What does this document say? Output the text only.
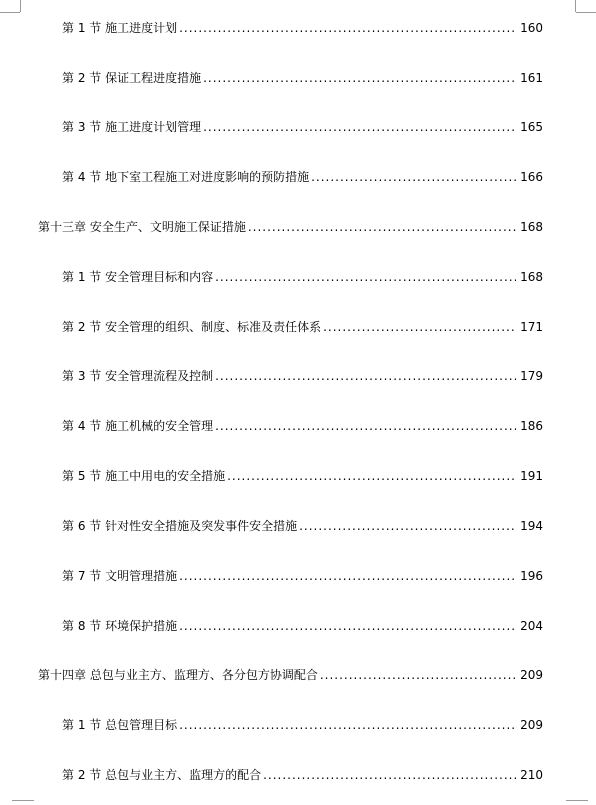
第 1 节 施工进度计划 .....	160
第 2 节 保证工程进度措施 .....	161
第 3 节 施工进度计划管理 .....	165
第 4 节 地下室工程施工对进度影响的预防措施 .....	166
第十三章 安全生产、文明施工保证措施 .....	168
第 1 节 安全管理目标和内容 .....	168
第 2 节 安全管理的组织、制度、标准及责任体系 .....	171
第 3 节 安全管理流程及控制 .....	179
第 4 节 施工机械的安全管理 .....	186
第 5 节 施工中用电的安全措施 .....	191
第 6 节 针对性安全措施及突发事件安全措施 .....	194
第 7 节 文明管理措施 .....	196
第 8 节 环境保护措施 .....	204
第十四章 总包与业主方、监理方、各分包方协调配合 .....	209
第 1 节 总包管理目标 .....	209
第 2 节 总包与业主方、监理方的配合 .....	210
